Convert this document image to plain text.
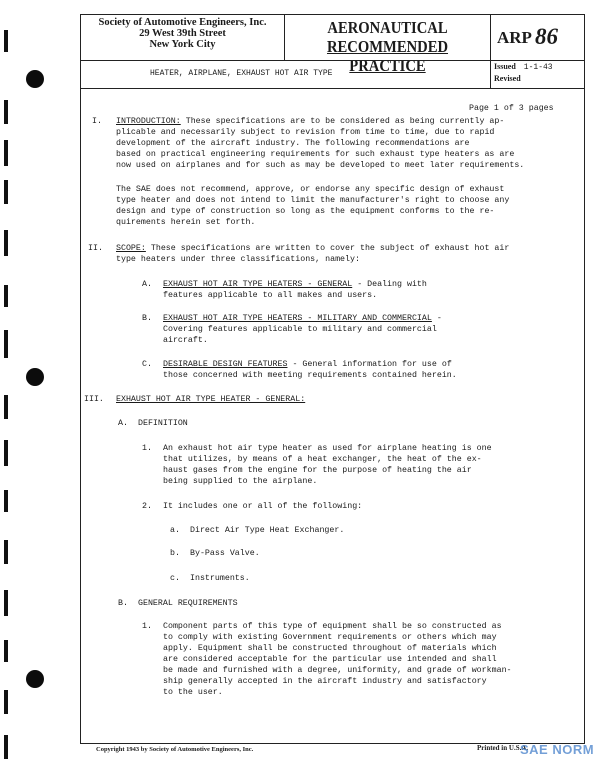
Society of Automotive Engineers, Inc.
29 West 39th Street
New York City
AERONAUTICAL
RECOMMENDED PRACTICE
ARP 86
HEATER, AIRPLANE, EXHAUST HOT AIR TYPE
Issued 1-1-43
Revised
Page 1 of 3 pages
I. INTRODUCTION: These specifications are to be considered as being currently ap-
plicable and necessarily subject to revision from time to time, due to rapid
development of the aircraft industry. The following recommendations are
based on practical engineering requirements for such exhaust type heaters as are
now used on airplanes and for such as may be developed to meet later requirements.
The SAE does not recommend, approve, or endorse any specific design of exhaust
type heater and does not intend to limit the manufacturer's right to choose any
design and type of construction so long as the equipment conforms to the re-
quirements herein set forth.
II. SCOPE: These specifications are written to cover the subject of exhaust hot air
type heaters under three classifications, namely:
A. EXHAUST HOT AIR TYPE HEATERS - GENERAL - Dealing with
features applicable to all makes and users.
B. EXHAUST HOT AIR TYPE HEATERS - MILITARY AND COMMERCIAL -
Covering features applicable to military and commercial
aircraft.
C. DESIRABLE DESIGN FEATURES - General information for use of
those concerned with meeting requirements contained herein.
III. EXHAUST HOT AIR TYPE HEATER - GENERAL:
A. DEFINITION
1. An exhaust hot air type heater as used for airplane heating is one
that utilizes, by means of a heat exchanger, the heat of the ex-
haust gases from the engine for the purpose of heating the air
being supplied to the airplane.
2. It includes one or all of the following:
a. Direct Air Type Heat Exchanger.
b. By-Pass Valve.
c. Instruments.
B. GENERAL REQUIREMENTS
1. Component parts of this type of equipment shall be so constructed as
to comply with existing Government requirements or others which may
apply. Equipment shall be constructed throughout of materials which
are considered acceptable for the particular use intended and shall
be made and furnished with a degree, uniformity, and grade of workman-
ship generally accepted in the aircraft industry and satisfactory
to the user.
Copyright 1943 by Society of Automotive Engineers, Inc.	Printed in U.S.A.
SAE NORM
